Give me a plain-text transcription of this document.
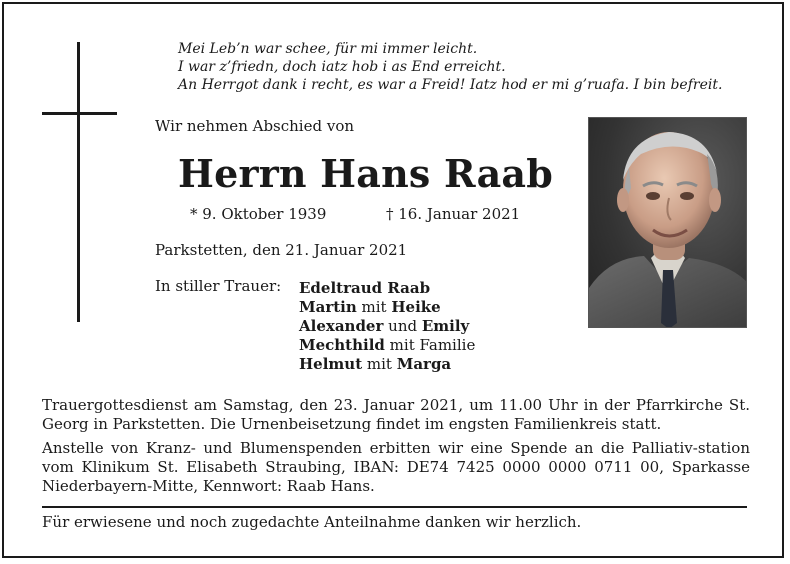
Mei Leb’n war schee, für mi immer leicht.
I war z’friedn, doch iatz hob i as End erreicht.
An Herrgot dank i recht, es war a Freid! Iatz hod er mi g’ruafa. I bin befreit.
Wir nehmen Abschied von
Herrn Hans Raab
* 9. Oktober 1939	† 16. Januar 2021
Parkstetten, den 21. Januar 2021
In stiller Trauer: Edeltraud Raab
Martin mit Heike
Alexander und Emily
Mechthild mit Familie
Helmut mit Marga
Trauergottesdienst am Samstag, den 23. Januar 2021, um 11.00 Uhr in der Pfarrkirche St. Georg in Parkstetten. Die Urnenbeisetzung findet im engsten Familienkreis statt.
Anstelle von Kranz- und Blumenspenden erbitten wir eine Spende an die Palliativ-station vom Klinikum St. Elisabeth Straubing, IBAN: DE74 7425 0000 0000 0711 00, Sparkasse Niederbayern-Mitte, Kennwort: Raab Hans.
Für erwiesene und noch zugedachte Anteilnahme danken wir herzlich.
